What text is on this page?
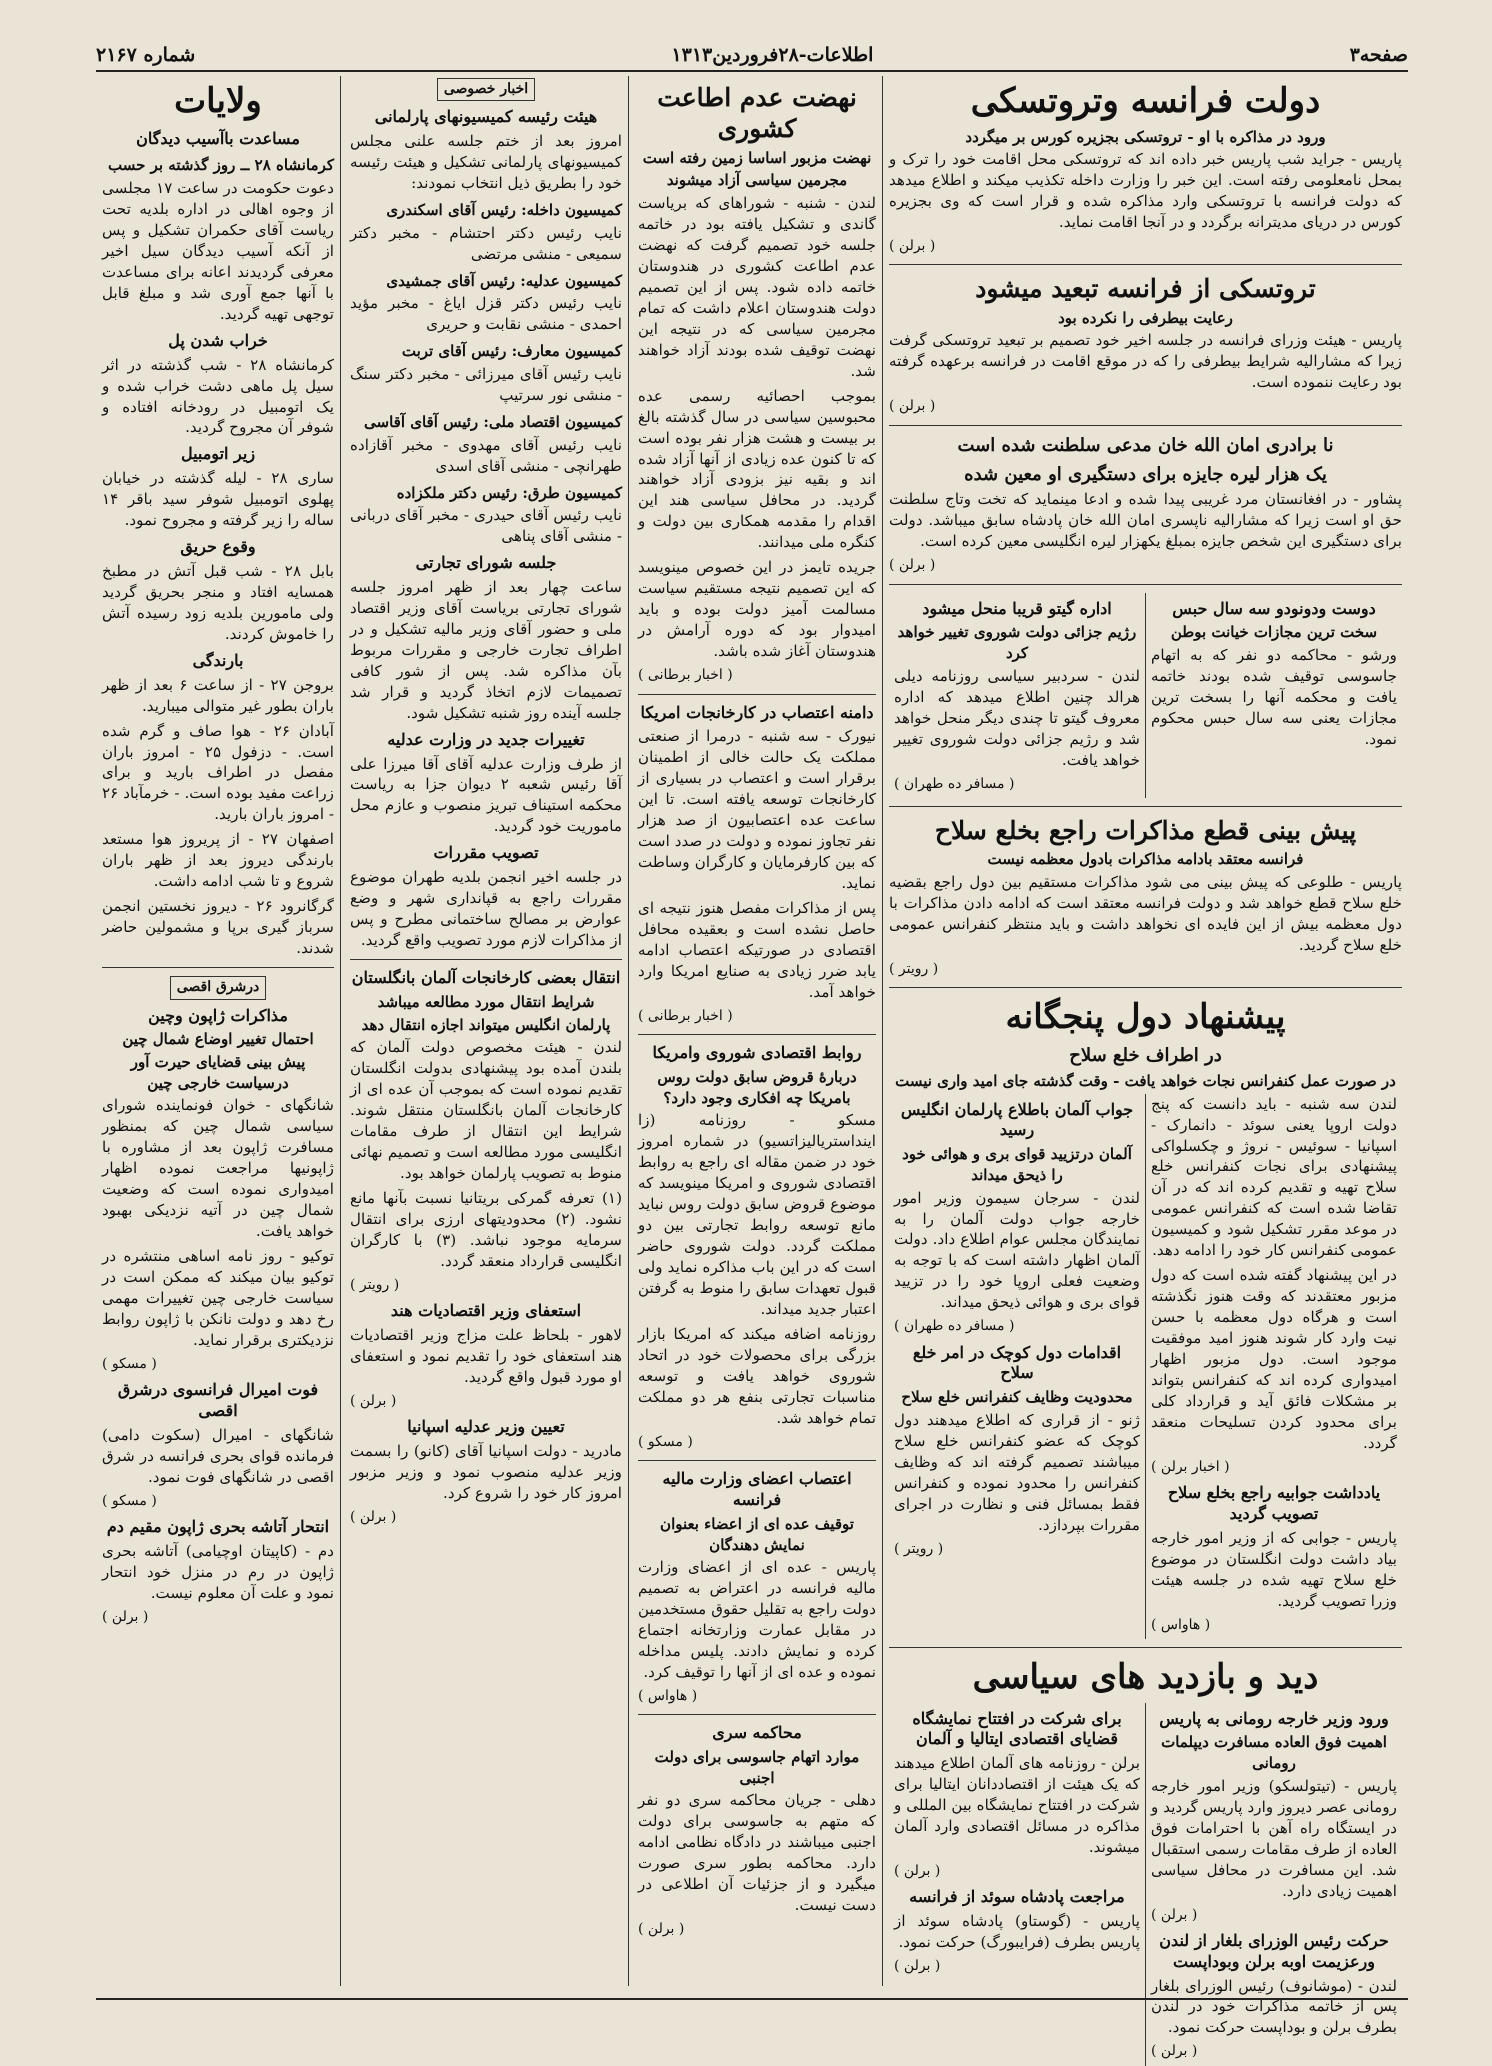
صفحه۳
اطلاعات-۲۸فروردین۱۳۱۳
شماره ۲۱۶۷
دولت فرانسه وتروتسکی
ورود در مذاکره با او - تروتسکی بجزیره کورس بر میگردد

پاریس - جراید شب پاریس خبر داده اند که تروتسکی محل اقامت خود را ترک و بمحل نامعلومی رفته است. این خبر را وزارت داخله تکذیب میکند و اطلاع میدهد که دولت فرانسه با تروتسکی وارد مذاکره شده و قرار است که وی بجزیره کورس در دریای مدیترانه برگردد و در آنجا اقامت نماید.

( برلن )

تروتسکی از فرانسه تبعید میشود
رعایت بیطرفی را نکرده بود

پاریس - هیئت وزرای فرانسه در جلسه اخیر خود تصمیم بر تبعید تروتسکی گرفت زیرا که مشارالیه شرایط بیطرفی را که در موقع اقامت در فرانسه برعهده گرفته بود رعایت ننموده است.

( برلن )

نا برادری امان الله خان مدعی سلطنت شده است
یک هزار لیره جایزه برای دستگیری او معین شده

پشاور - در افغانستان مرد غریبی پیدا شده و ادعا مینماید که تخت وتاج سلطنت حق او است زیرا که مشارالیه ناپسری امان الله خان پادشاه سابق میباشد. دولت برای دستگیری این شخص جایزه بمبلغ یکهزار لیره انگلیسی معین کرده است.

( برلن )

دوست ودونودو سه سال حبس
سخت ترین مجازات خیانت بوطن

ورشو - محاکمه دو نفر که به اتهام جاسوسی توقیف شده بودند خاتمه یافت و محکمه آنها را بسخت ترین مجازات یعنی سه سال حبس محکوم نمود.

اداره گیتو قریبا منحل میشود
رژیم جزائی دولت شوروی تغییر خواهد کرد

لندن - سردبیر سیاسی روزنامه دیلی هرالد چنین اطلاع میدهد که اداره معروف گیتو تا چندی دیگر منحل خواهد شد و رژیم جزائی دولت شوروی تغییر خواهد یافت.

( مسافر ده طهران )

پیش بینی قطع مذاکرات راجع بخلع سلاح
فرانسه معتقد بادامه مذاکرات بادول معظمه نیست

پاریس - طلوعی که پیش بینی می شود مذاکرات مستقیم بین دول راجع بقضیه خلع سلاح قطع خواهد شد و دولت فرانسه معتقد است که ادامه دادن مذاکرات با دول معظمه بیش از این فایده ای نخواهد داشت و باید منتظر کنفرانس عمومی خلع سلاح گردید.

( رویتر )

پیشنهاد دول پنجگانه
در اطراف خلع سلاح
در صورت عمل کنفرانس نجات خواهد یافت - وقت گذشته جای امید واری نیست

لندن سه شنبه - باید دانست که پنج دولت اروپا یعنی سوئد - دانمارک - اسپانیا - سوئیس - نروژ و چکسلواکی پیشنهادی برای نجات کنفرانس خلع سلاح تهیه و تقدیم کرده اند که در آن تقاضا شده است که کنفرانس عمومی در موعد مقرر تشکیل شود و کمیسیون عمومی کنفرانس کار خود را ادامه دهد.

در این پیشنهاد گفته شده است که دول مزبور معتقدند که وقت هنوز نگذشته است و هرگاه دول معظمه با حسن نیت وارد کار شوند هنوز امید موفقیت موجود است. دول مزبور اظهار امیدواری کرده اند که کنفرانس بتواند بر مشکلات فائق آید و قرارداد کلی برای محدود کردن تسلیحات منعقد گردد.

( اخبار برلن )

یادداشت جوابیه راجع بخلع سلاح تصویب گردید

پاریس - جوابی که از وزیر امور خارجه بیاد داشت دولت انگلستان در موضوع خلع سلاح تهیه شده در جلسه هیئت وزرا تصویب گردید.

( هاواس )

جواب آلمان باطلاع پارلمان انگلیس رسید
آلمان درتزیید قوای بری و هوائی خود را ذیحق میداند

لندن - سرجان سیمون وزیر امور خارجه جواب دولت آلمان را به نمایندگان مجلس عوام اطلاع داد. دولت آلمان اظهار داشته است که با توجه به وضعیت فعلی اروپا خود را در تزیید قوای بری و هوائی ذیحق میداند.

( مسافر ده طهران )

اقدامات دول کوچک در امر خلع سلاح
محدودیت وظایف کنفرانس خلع سلاح

ژنو - از قراری که اطلاع میدهند دول کوچک که عضو کنفرانس خلع سلاح میباشند تصمیم گرفته اند که وظایف کنفرانس را محدود نموده و کنفرانس فقط بمسائل فنی و نظارت در اجرای مقررات بپردازد.

( رویتر )

دید و بازدید های سیاسی
ورود وزیر خارجه رومانی به پاریس
اهمیت فوق العاده مسافرت دیپلمات رومانی

پاریس - (تیتولسکو) وزیر امور خارجه رومانی عصر دیروز وارد پاریس گردید و در ایستگاه راه آهن با احترامات فوق العاده از طرف مقامات رسمی استقبال شد. این مسافرت در محافل سیاسی اهمیت زیادی دارد.

( برلن )

حرکت رئیس الوزرای بلغار از لندن ورعزیمت اوبه برلن وبوداپست

لندن - (موشانوف) رئیس الوزرای بلغار پس از خاتمه مذاکرات خود در لندن بطرف برلن و بوداپست حرکت نمود.

( برلن )

برای شرکت در افتتاح نمایشگاه قضایای اقتصادی ایتالیا و آلمان

برلن - روزنامه های آلمان اطلاع میدهند که یک هیئت از اقتصاددانان ایتالیا برای شرکت در افتتاح نمایشگاه بین المللی و مذاکره در مسائل اقتصادی وارد آلمان میشوند.

( برلن )

مراجعت پادشاه سوئد از فرانسه

پاریس - (گوستاو) پادشاه سوئد از پاریس بطرف (فرایبورگ) حرکت نمود.

( برلن )

نهضت عدم اطاعت کشوری
نهضت مزبور اساسا زمین رفته است
مجرمین سیاسی آزاد میشوند

لندن - شنبه - شوراهای که بریاست گاندی و تشکیل یافته بود در خاتمه جلسه خود تصمیم گرفت که نهضت عدم اطاعت کشوری در هندوستان خاتمه داده شود. پس از این تصمیم دولت هندوستان اعلام داشت که تمام مجرمین سیاسی که در نتیجه این نهضت توقیف شده بودند آزاد خواهند شد.

بموجب احصائیه رسمی عده محبوسین سیاسی در سال گذشته بالغ بر بیست و هشت هزار نفر بوده است که تا کنون عده زیادی از آنها آزاد شده اند و بقیه نیز بزودی آزاد خواهند گردید. در محافل سیاسی هند این اقدام را مقدمه همکاری بین دولت و کنگره ملی میدانند.

جریده تایمز در این خصوص مینویسد که این تصمیم نتیجه مستقیم سیاست مسالمت آمیز دولت بوده و باید امیدوار بود که دوره آرامش در هندوستان آغاز شده باشد.

( اخبار برطانی )

دامنه اعتصاب در کارخانجات امریکا

نیورک - سه شنبه - درمرا از صنعتی مملکت یک حالت خالی از اطمینان برقرار است و اعتصاب در بسیاری از کارخانجات توسعه یافته است. تا این ساعت عده اعتصابیون از صد هزار نفر تجاوز نموده و دولت در صدد است که بین کارفرمایان و کارگران وساطت نماید.

پس از مذاکرات مفصل هنوز نتیجه ای حاصل نشده است و بعقیده محافل اقتصادی در صورتیکه اعتصاب ادامه یابد ضرر زیادی به صنایع امریکا وارد خواهد آمد.

( اخبار برطانی )

روابط اقتصادی شوروی وامریکا
دربارهٔ قروض سابق دولت روس بامریکا چه افکاری وجود دارد؟

مسکو - روزنامه (زا اینداستریالیزاتسیو) در شماره امروز خود در ضمن مقاله ای راجع به روابط اقتصادی شوروی و امریکا مینویسد که موضوع قروض سابق دولت روس نباید مانع توسعه روابط تجارتی بین دو مملکت گردد. دولت شوروی حاضر است که در این باب مذاکره نماید ولی قبول تعهدات سابق را منوط به گرفتن اعتبار جدید میداند.

روزنامه اضافه میکند که امریکا بازار بزرگی برای محصولات خود در اتحاد شوروی خواهد یافت و توسعه مناسبات تجارتی بنفع هر دو مملکت تمام خواهد شد.

( مسکو )

اعتصاب اعضای وزارت مالیه فرانسه
توقیف عده ای از اعضاء بعنوان نمایش دهندگان

پاریس - عده ای از اعضای وزارت مالیه فرانسه در اعتراض به تصمیم دولت راجع به تقلیل حقوق مستخدمین در مقابل عمارت وزارتخانه اجتماع کرده و نمایش دادند. پلیس مداخله نموده و عده ای از آنها را توقیف کرد.

( هاواس )

محاکمه سری
موارد اتهام جاسوسی برای دولت اجنبی

دهلی - جریان محاکمه سری دو نفر که متهم به جاسوسی برای دولت اجنبی میباشند در دادگاه نظامی ادامه دارد. محاکمه بطور سری صورت میگیرد و از جزئیات آن اطلاعی در دست نیست.

( برلن )

اخبار خصوصی
هیئت رئیسه کمیسیونهای پارلمانی

امروز بعد از ختم جلسه علنی مجلس کمیسیونهای پارلمانی تشکیل و هیئت رئیسه خود را بطریق ذیل انتخاب نمودند:

کمیسیون داخله: رئیس آقای اسکندری

نایب رئیس دکتر احتشام - مخبر دکتر سمیعی - منشی مرتضی

کمیسیون عدلیه: رئیس آقای جمشیدی

نایب رئیس دکتر قزل ایاغ - مخبر مؤید احمدی - منشی نقابت و حریری

کمیسیون معارف: رئیس آقای تربت

نایب رئیس آقای میرزائی - مخبر دکتر سنگ - منشی نور سرتیپ

کمیسیون اقتصاد ملی: رئیس آقای آقاسی

نایب رئیس آقای مهدوی - مخبر آقازاده طهرانچی - منشی آقای اسدی

کمیسیون طرق: رئیس دکتر ملکزاده

نایب رئیس آقای حیدری - مخبر آقای دربانی - منشی آقای پناهی

جلسه شورای تجارتی

ساعت چهار بعد از ظهر امروز جلسه شورای تجارتی بریاست آقای وزیر اقتصاد ملی و حضور آقای وزیر مالیه تشکیل و در اطراف تجارت خارجی و مقررات مربوط بآن مذاکره شد. پس از شور کافی تصمیمات لازم اتخاذ گردید و قرار شد جلسه آینده روز شنبه تشکیل شود.

تغییرات جدید در وزارت عدلیه

از طرف وزارت عدلیه آقای آقا میرزا علی آقا رئیس شعبه ۲ دیوان جزا به ریاست محکمه استیناف تبریز منصوب و عازم محل ماموریت خود گردید.

تصویب مقررات

در جلسه اخیر انجمن بلدیه طهران موضوع مقررات راجع به قپانداری شهر و وضع عوارض بر مصالح ساختمانی مطرح و پس از مذاکرات لازم مورد تصویب واقع گردید.

انتقال بعضی کارخانجات آلمان بانگلستان
شرایط انتقال مورد مطالعه میباشد
پارلمان انگلیس میتواند اجازه انتقال دهد

لندن - هیئت مخصوص دولت آلمان که بلندن آمده بود پیشنهادی بدولت انگلستان تقدیم نموده است که بموجب آن عده ای از کارخانجات آلمان بانگلستان منتقل شوند. شرایط این انتقال از طرف مقامات انگلیسی مورد مطالعه است و تصمیم نهائی منوط به تصویب پارلمان خواهد بود.

(۱) تعرفه گمرکی بریتانیا نسبت بآنها مانع نشود. (۲) محدودیتهای ارزی برای انتقال سرمایه موجود نباشد. (۳) با کارگران انگلیسی قرارداد منعقد گردد.

( رویتر )

استعفای وزیر اقتصادیات هند

لاهور - بلحاظ علت مزاج وزیر اقتصادیات هند استعفای خود را تقدیم نمود و استعفای او مورد قبول واقع گردید.

( برلن )

تعیین وزیر عدلیه اسپانیا

مادرید - دولت اسپانیا آقای (کانو) را بسمت وزیر عدلیه منصوب نمود و وزیر مزبور امروز کار خود را شروع کرد.

( برلن )

ولایات
مساعدت باآسیب دیدگان
کرمانشاه ۲۸ ــ روز گذشته بر حسب

دعوت حکومت در ساعت ۱۷ مجلسی از وجوه اهالی در اداره بلدیه تحت ریاست آقای حکمران تشکیل و پس از آنکه آسیب دیدگان سیل اخیر معرفی گردیدند اعانه برای مساعدت با آنها جمع آوری شد و مبلغ قابل توجهی تهیه گردید.

خراب شدن پل

کرمانشاه ۲۸ - شب گذشته در اثر سیل پل ماهی دشت خراب شده و یک اتومبیل در رودخانه افتاده و شوفر آن مجروح گردید.

زیر اتومبیل

ساری ۲۸ - لیله گذشته در خیابان پهلوی اتومبیل شوفر سید باقر ۱۴ ساله را زیر گرفته و مجروح نمود.

وقوع حریق

بابل ۲۸ - شب قبل آتش در مطبخ همسایه افتاد و منجر بحریق گردید ولی مامورین بلدیه زود رسیده آتش را خاموش کردند.

بارندگی

بروجن ۲۷ - از ساعت ۶ بعد از ظهر باران بطور غیر متوالی میبارید.

آبادان ۲۶ - هوا صاف و گرم شده است. - دزفول ۲۵ - امروز باران مفصل در اطراف بارید و برای زراعت مفید بوده است. - خرمآباد ۲۶ - امروز باران بارید.

اصفهان ۲۷ - از پریروز هوا مستعد بارندگی دیروز بعد از ظهر باران شروع و تا شب ادامه داشت.

گرگانرود ۲۶ - دیروز نخستین انجمن سرباز گیری برپا و مشمولین حاضر شدند.

درشرق اقصی
مذاکرات ژاپون وچین
احتمال تغییر اوضاع شمال چین
پیش بینی قضایای حیرت آور درسیاست خارجی چین

شانگهای - خوان فونماینده شورای سیاسی شمال چین که بمنظور مسافرت ژاپون بعد از مشاوره با ژاپونیها مراجعت نموده اظهار امیدواری نموده است که وضعیت شمال چین در آتیه نزدیکی بهبود خواهد یافت.

توکیو - روز نامه اساهی منتشره در توکیو بیان میکند که ممکن است در سیاست خارجی چین تغییرات مهمی رخ دهد و دولت نانکن با ژاپون روابط نزدیکتری برقرار نماید.

( مسکو )

فوت امیرال فرانسوی درشرق اقصی

شانگهای - امیرال (سکوت دامی) فرمانده قوای بحری فرانسه در شرق اقصی در شانگهای فوت نمود.

( مسکو )

انتحار آتاشه بحری ژاپون مقیم دم

دم - (کاپیتان اوچیامی) آتاشه بحری ژاپون در رم در منزل خود انتحار نمود و علت آن معلوم نیست.

( برلن )
